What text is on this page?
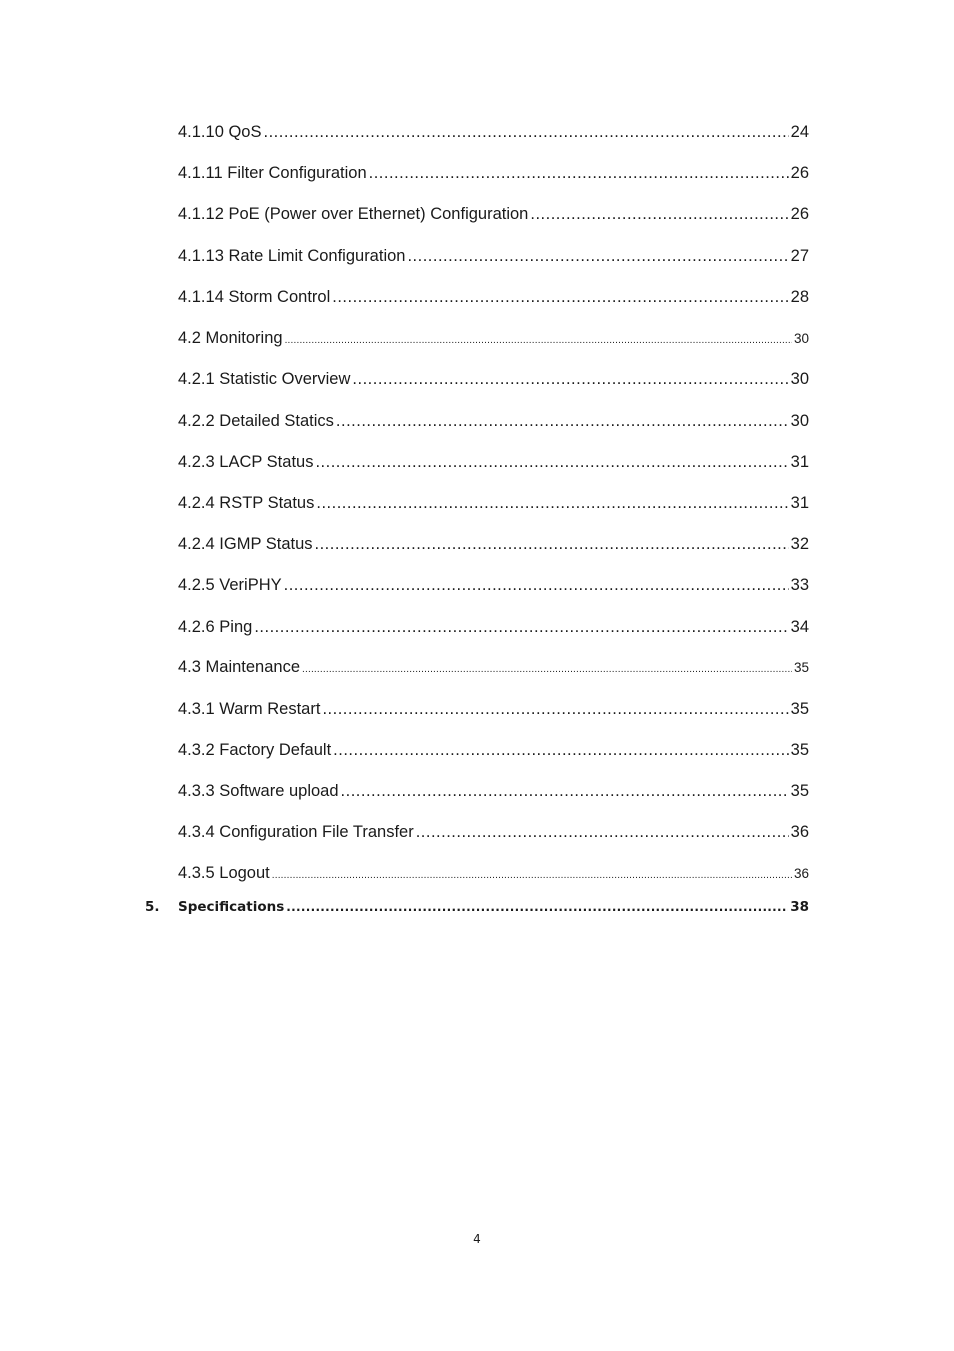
4.1.10 QoS .....	24
4.1.11 Filter Configuration .....	26
4.1.12 PoE (Power over Ethernet) Configuration .....	26
4.1.13 Rate Limit Configuration .....	27
4.1.14 Storm Control .....	28
4.2 Monitoring .....	30
4.2.1 Statistic Overview .....	30
4.2.2 Detailed Statics .....	30
4.2.3 LACP Status .....	31
4.2.4 RSTP Status .....	31
4.2.4 IGMP Status .....	32
4.2.5 VeriPHY .....	33
4.2.6 Ping .....	34
4.3 Maintenance .....	35
4.3.1 Warm Restart .....	35
4.3.2 Factory Default .....	35
4.3.3 Software upload .....	35
4.3.4 Configuration File Transfer .....	36
4.3.5 Logout .....	36
5.	Specifications .....	38
4
